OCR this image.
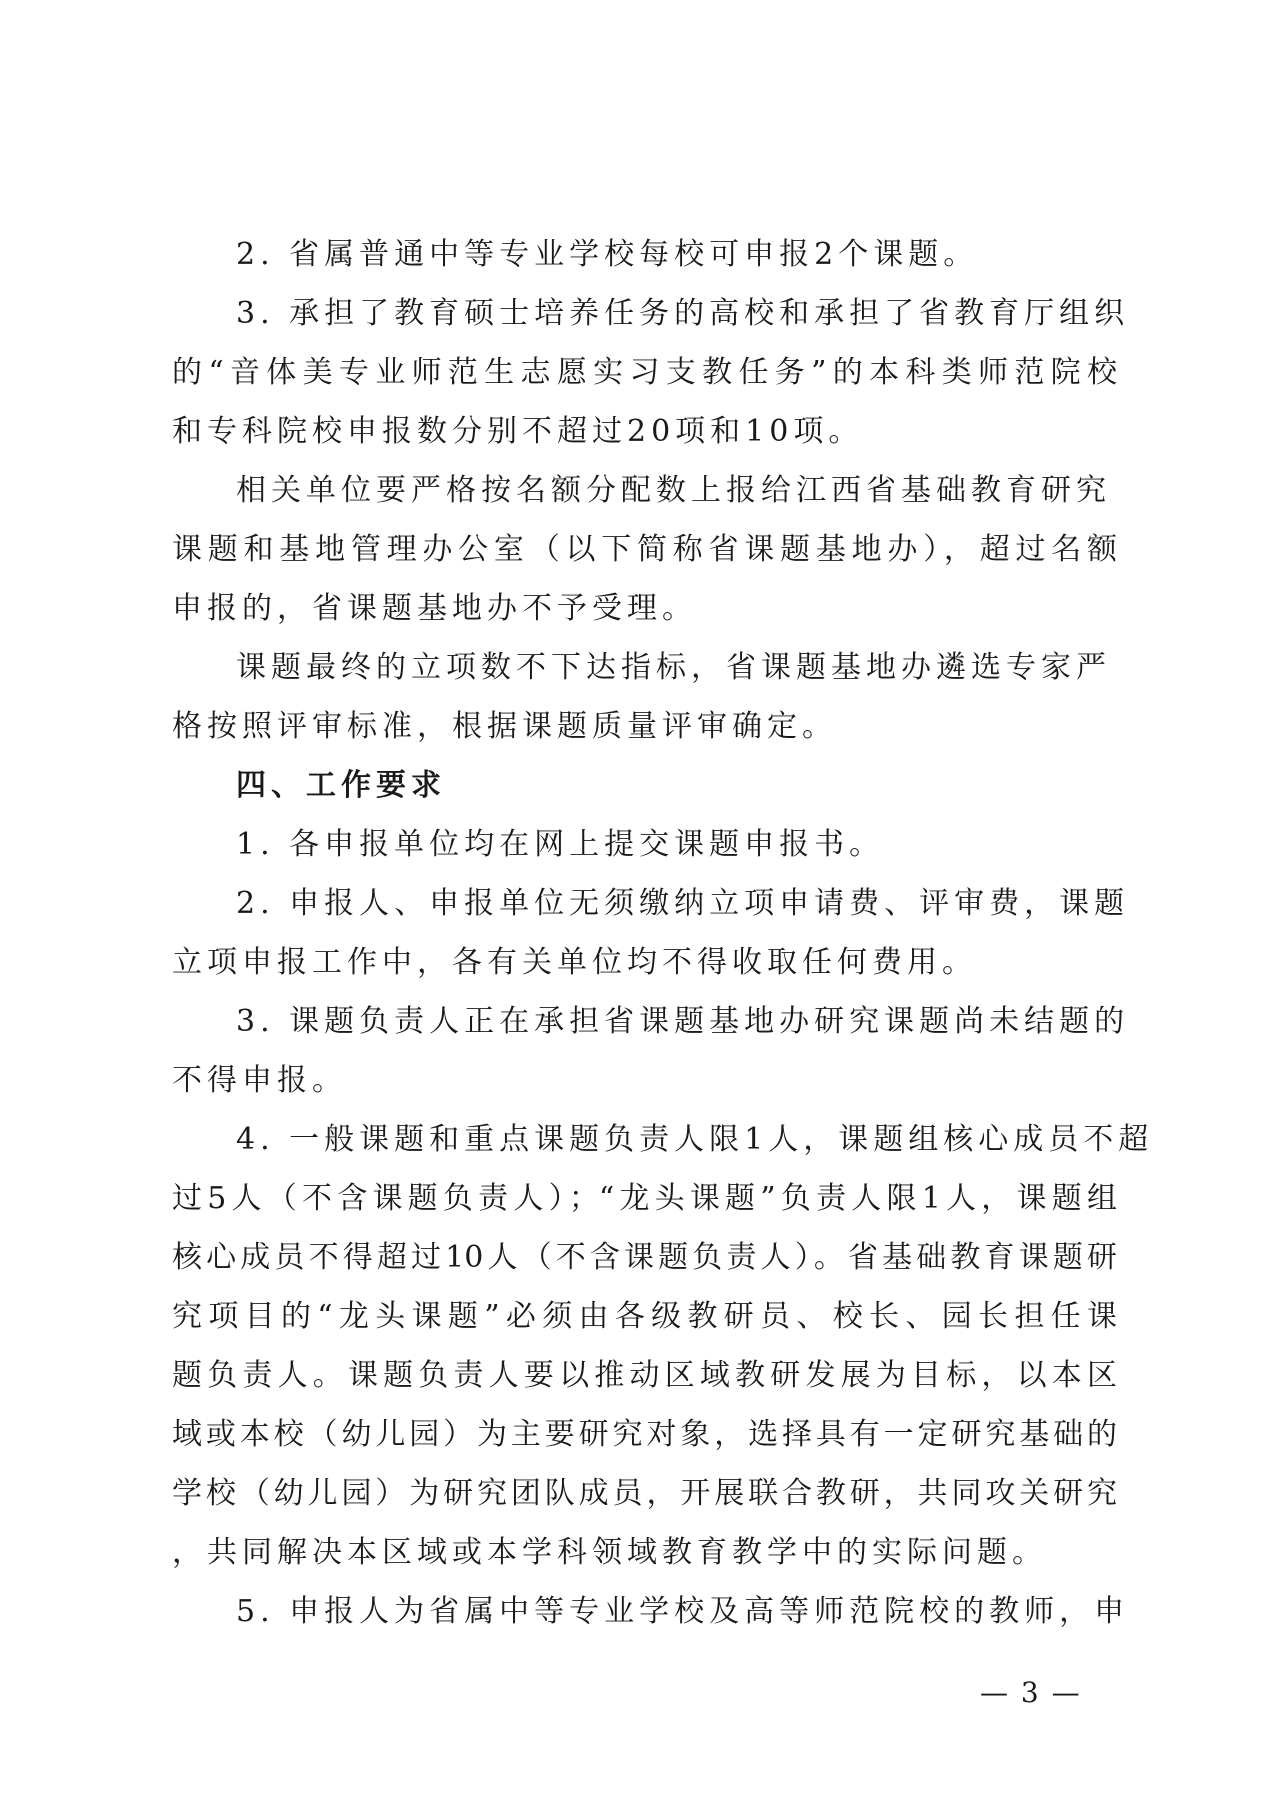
2. 省属普通中等专业学校每校可申报2个课题。

3. 承担了教育硕士培养任务的高校和承担了省教育厅组织

的“音体美专业师范生志愿实习支教任务”的本科类师范院校

和专科院校申报数分别不超过20项和10项。

相关单位要严格按名额分配数上报给江西省基础教育研究

课题和基地管理办公室（以下简称省课题基地办），超过名额

申报的，省课题基地办不予受理。

课题最终的立项数不下达指标，省课题基地办遴选专家严

格按照评审标准，根据课题质量评审确定。

四、工作要求

1. 各申报单位均在网上提交课题申报书。

2. 申报人、申报单位无须缴纳立项申请费、评审费，课题

立项申报工作中，各有关单位均不得收取任何费用。

3. 课题负责人正在承担省课题基地办研究课题尚未结题的

不得申报。

4. 一般课题和重点课题负责人限1人，课题组核心成员不超

过5人（不含课题负责人）；“龙头课题”负责人限1人，课题组

核心成员不得超过10人（不含课题负责人）。省基础教育课题研

究项目的“龙头课题”必须由各级教研员、校长、园长担任课

题负责人。课题负责人要以推动区域教研发展为目标，以本区

域或本校（幼儿园）为主要研究对象，选择具有一定研究基础的

学校（幼儿园）为研究团队成员，开展联合教研，共同攻关研究

，共同解决本区域或本学科领域教育教学中的实际问题。

5. 申报人为省属中等专业学校及高等师范院校的教师，申

— 3 —
